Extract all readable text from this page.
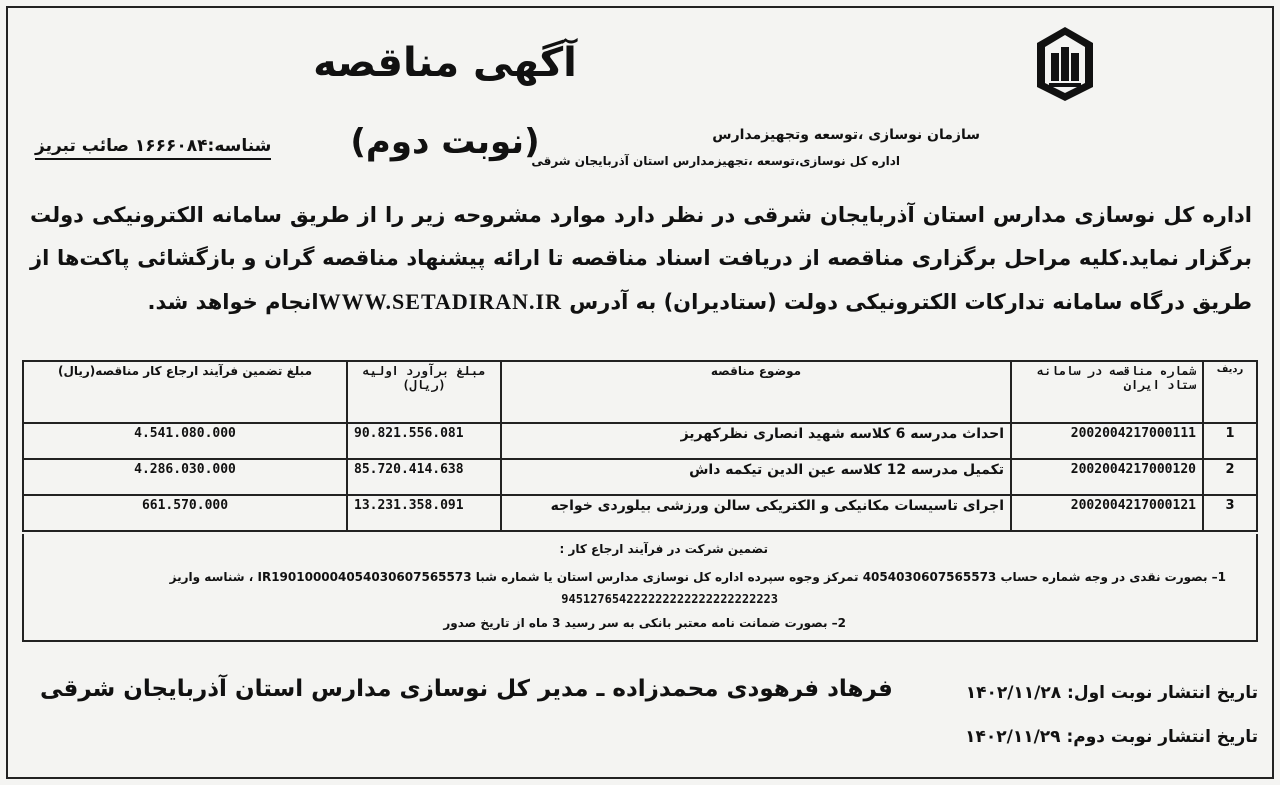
سازمان نوسازی ،توسعه وتجهیزمدارس
اداره کل نوسازی،توسعه ،تجهیزمدارس استان آذربایجان شرقی
آگهی مناقصه
(نوبت دوم)
شناسه:۱۶۶۶۰۸۴ صائب تبریز
اداره کل نوسازی مدارس استان آذربایجان شرقی در نظر دارد موارد مشروحه زیر را از طریق سامانه الکترونیکی دولت برگزار نماید.کلیه مراحل برگزاری مناقصه از دریافت اسناد مناقصه تا ارائه پیشنهاد مناقصه گران و بازگشائی پاکت‌ها از طریق درگاه سامانه تدارکات الکترونیکی دولت (ستادیران) به آدرس WWW.SETADIRAN.IRانجام خواهد شد.
ردیف	شماره مناقصه در سامانه ستاد ایران	موضوع مناقصه	مبلغ برآورد اولیه (ریال)	مبلغ تضمین فرآیند ارجاع کار مناقصه(ریال)
1	2002004217000111	احداث مدرسه 6 کلاسه شهید انصاری نظرکهریز	90.821.556.081	4.541.080.000
2	2002004217000120	تکمیل مدرسه 12 کلاسه عین الدین تیکمه داش	85.720.414.638	4.286.030.000
3	2002004217000121	اجرای تاسیسات مکانیکی و الکتریکی سالن ورزشی بیلوردی خواجه	13.231.358.091	661.570.000
تضمین شرکت در فرآیند ارجاع کار :
1– بصورت نقدی در وجه شماره حساب 4054030607565573 تمرکز وجوه سپرده اداره کل نوسازی مدارس استان یا شماره شبا IR190100004054030607565573 ، شناسه واریز
945127654222222222222222222223
2– بصورت ضمانت نامه معتبر بانکی به سر رسید 3 ماه از تاریخ صدور
فرهاد فرهودی محمدزاده ـ مدیر کل نوسازی مدارس استان آذربایجان شرقی	تاریخ انتشار نوبت اول: ۱۴۰۲/۱۱/۲۸
تاریخ انتشار نوبت دوم: ۱۴۰۲/۱۱/۲۹
